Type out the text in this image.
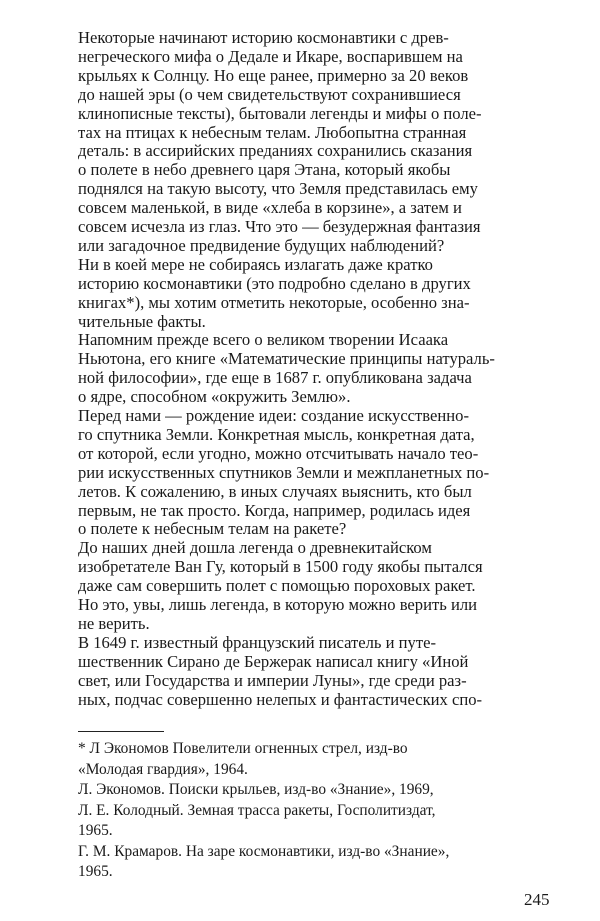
Некоторые начинают историю космонавтики с древ-
негреческого мифа о Дедале и Икаре, воспарившем на
крыльях к Солнцу. Но еще ранее, примерно за 20 веков
до нашей эры (о чем свидетельствуют сохранившиеся
клинописные тексты), бытовали легенды и мифы о поле-
тах на птицах к небесным телам. Любопытна странная
деталь: в ассирийских преданиях сохранились сказания
о полете в небо древнего царя Этана, который якобы
поднялся на такую высоту, что Земля представилась ему
совсем маленькой, в виде «хлеба в корзине», а затем и
совсем исчезла из глаз. Что это — безудержная фантазия
или загадочное предвидение будущих наблюдений?
Ни в коей мере не собираясь излагать даже кратко
историю космонавтики (это подробно сделано в других
книгах*), мы хотим отметить некоторые, особенно зна-
чительные факты.
Напомним прежде всего о великом творении Исаака
Ньютона, его книге «Математические принципы натураль-
ной философии», где еще в 1687 г. опубликована задача
о ядре, способном «окружить Землю».
Перед нами — рождение идеи: создание искусственно-
го спутника Земли. Конкретная мысль, конкретная дата,
от которой, если угодно, можно отсчитывать начало тео-
рии искусственных спутников Земли и межпланетных по-
летов. К сожалению, в иных случаях выяснить, кто был
первым, не так просто. Когда, например, родилась идея
о полете к небесным телам на ракете?
До наших дней дошла легенда о древнекитайском
изобретателе Ван Гу, который в 1500 году якобы пытался
даже сам совершить полет с помощью пороховых ракет.
Но это, увы, лишь легенда, в которую можно верить или
не верить.
В 1649 г. известный французский писатель и путе-
шественник Сирано де Бержерак написал книгу «Иной
свет, или Государства и империи Луны», где среди раз-
ных, подчас совершенно нелепых и фантастических спо-
* Л Экономов Повелители огненных стрел, изд-во
«Молодая гвардия», 1964.
Л. Экономов. Поиски крыльев, изд-во «Знание», 1969,
Л. Е. Колодный. Земная трасса ракеты, Госполитиздат,
1965.
Г. М. Крамаров. На заре космонавтики, изд-во «Знание»,
1965.
245
